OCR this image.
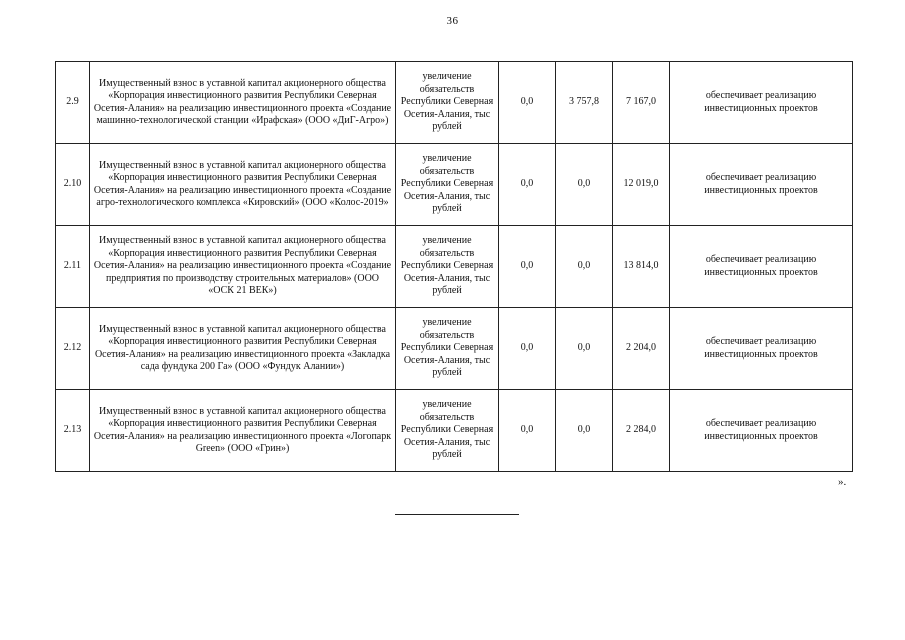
36
2.9	Имущественный взнос в уставной капитал акционерного общества «Корпорация инвестиционного развития Республики Северная Осетия-Алания» на реализацию инвестиционного проекта «Создание машинно-технологической станции «Ирафская» (ООО «ДиГ-Агро»)	увеличение обязательств Республики Северная Осетия-Алания, тыс рублей	0,0	3 757,8	7 167,0	обеспечивает реализацию инвестиционных проектов
2.10	Имущественный взнос в уставной капитал акционерного общества «Корпорация инвестиционного развития Республики Северная Осетия-Алания» на реализацию инвестиционного проекта «Создание агро-технологического комплекса «Кировский» (ООО «Колос-2019»	увеличение обязательств Республики Северная Осетия-Алания, тыс рублей	0,0	0,0	12 019,0	обеспечивает реализацию инвестиционных проектов
2.11	Имущественный взнос в уставной капитал акционерного общества «Корпорация инвестиционного развития Республики Северная Осетия-Алания» на реализацию инвестиционного проекта «Создание предприятия по производству строительных материалов» (ООО «ОСК 21 ВЕК»)	увеличение обязательств Республики Северная Осетия-Алания, тыс рублей	0,0	0,0	13 814,0	обеспечивает реализацию инвестиционных проектов
2.12	Имущественный взнос в уставной капитал акционерного общества «Корпорация инвестиционного развития Республики Северная Осетия-Алания» на реализацию инвестиционного проекта «Закладка сада фундука 200 Га» (ООО «Фундук Алании»)	увеличение обязательств Республики Северная Осетия-Алания, тыс рублей	0,0	0,0	2 204,0	обеспечивает реализацию инвестиционных проектов
2.13	Имущественный взнос в уставной капитал акционерного общества «Корпорация инвестиционного развития Республики Северная Осетия-Алания» на реализацию инвестиционного проекта «Логопарк Green» (ООО «Грин»)	увеличение обязательств Республики Северная Осетия-Алания, тыс рублей	0,0	0,0	2 284,0	обеспечивает реализацию инвестиционных проектов
».
